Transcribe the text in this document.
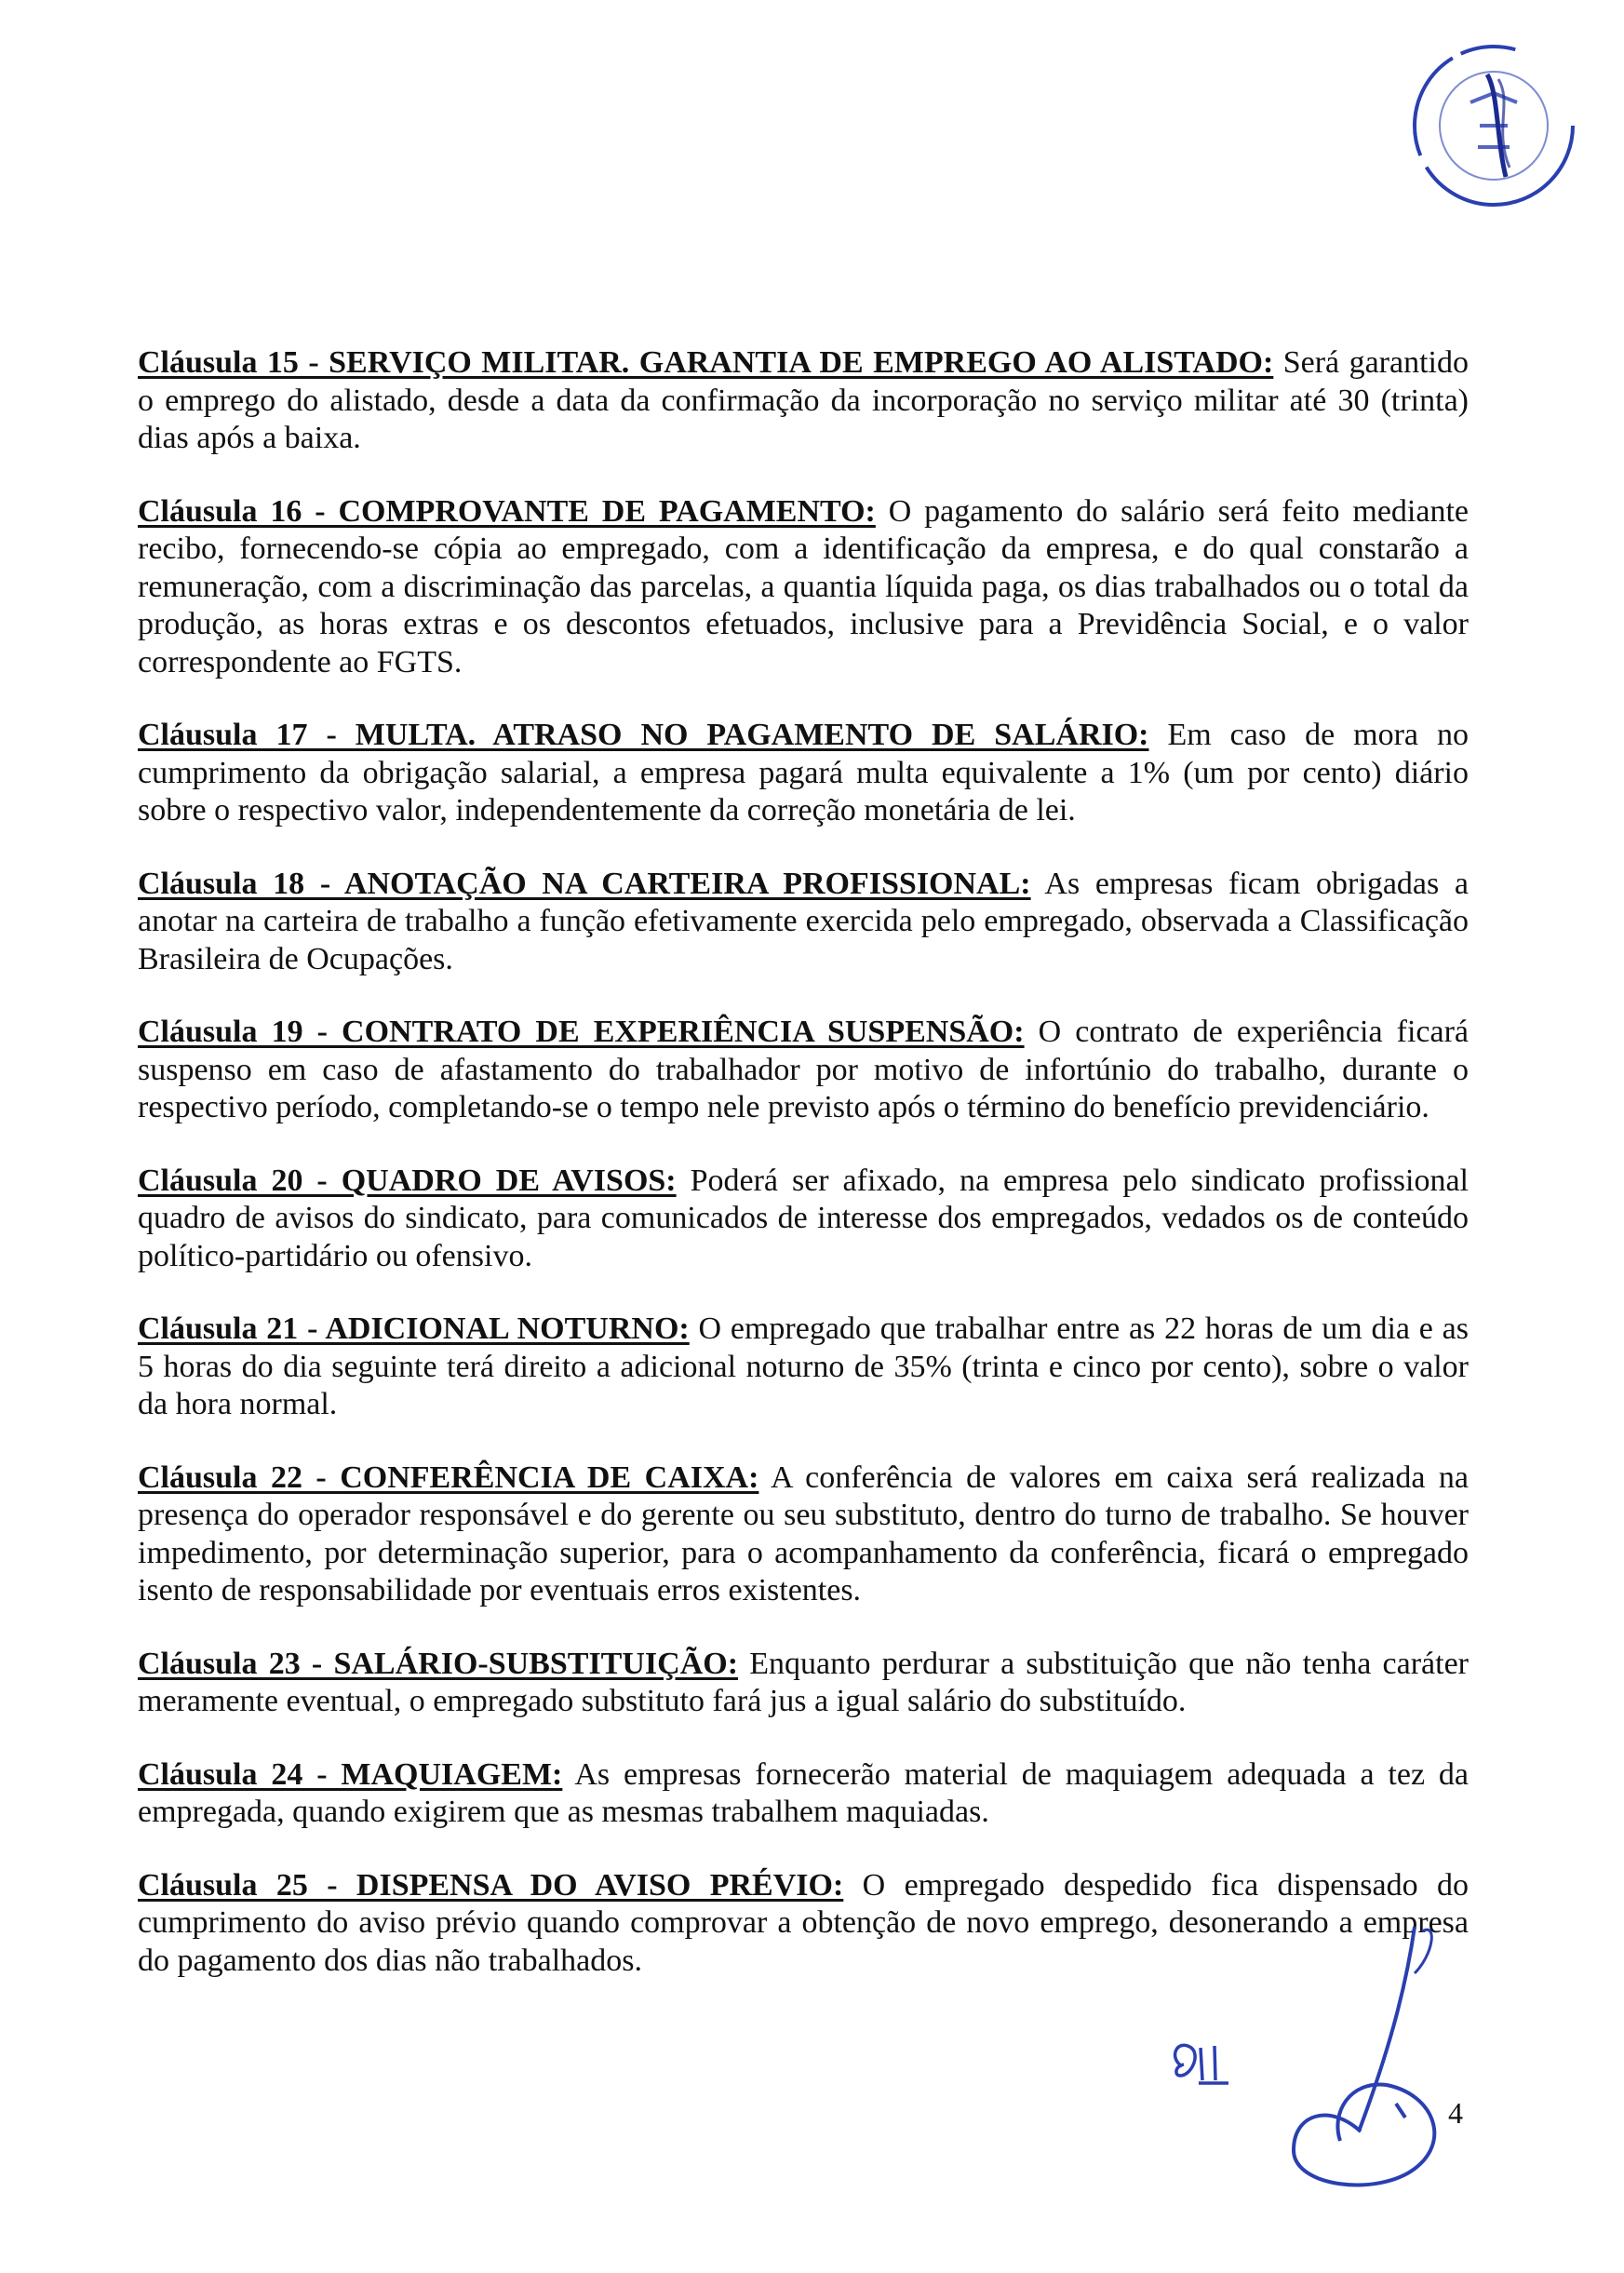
Cláusula 15 - SERVIÇO MILITAR. GARANTIA DE EMPREGO AO ALISTADO: Será garantido o emprego do alistado, desde a data da confirmação da incorporação no serviço militar até 30 (trinta) dias após a baixa.

Cláusula 16 - COMPROVANTE DE PAGAMENTO: O pagamento do salário será feito mediante recibo, fornecendo-se cópia ao empregado, com a identificação da empresa, e do qual constarão a remuneração, com a discriminação das parcelas, a quantia líquida paga, os dias trabalhados ou o total da produção, as horas extras e os descontos efetuados, inclusive para a Previdência Social, e o valor correspondente ao FGTS.

Cláusula 17 - MULTA. ATRASO NO PAGAMENTO DE SALÁRIO: Em caso de mora no cumprimento da obrigação salarial, a empresa pagará multa equivalente a 1% (um por cento) diário sobre o respectivo valor, independentemente da correção monetária de lei.

Cláusula 18 - ANOTAÇÃO NA CARTEIRA PROFISSIONAL: As empresas ficam obrigadas a anotar na carteira de trabalho a função efetivamente exercida pelo empregado, observada a Classificação Brasileira de Ocupações.

Cláusula 19 - CONTRATO DE EXPERIÊNCIA SUSPENSÃO: O contrato de experiência ficará suspenso em caso de afastamento do trabalhador por motivo de infortúnio do trabalho, durante o respectivo período, completando-se o tempo nele previsto após o término do benefício previdenciário.

Cláusula 20 - QUADRO DE AVISOS: Poderá ser afixado, na empresa pelo sindicato profissional quadro de avisos do sindicato, para comunicados de interesse dos empregados, vedados os de conteúdo político-partidário ou ofensivo.

Cláusula 21 - ADICIONAL NOTURNO: O empregado que trabalhar entre as 22 horas de um dia e as 5 horas do dia seguinte terá direito a adicional noturno de 35% (trinta e cinco por cento), sobre o valor da hora normal.

Cláusula 22 - CONFERÊNCIA DE CAIXA: A conferência de valores em caixa será realizada na presença do operador responsável e do gerente ou seu substituto, dentro do turno de trabalho. Se houver impedimento, por determinação superior, para o acompanhamento da conferência, ficará o empregado isento de responsabilidade por eventuais erros existentes.

Cláusula 23 - SALÁRIO-SUBSTITUIÇÃO: Enquanto perdurar a substituição que não tenha caráter meramente eventual, o empregado substituto fará jus a igual salário do substituído.

Cláusula 24 - MAQUIAGEM: As empresas fornecerão material de maquiagem adequada a tez da empregada, quando exigirem que as mesmas trabalhem maquiadas.

Cláusula 25 - DISPENSA DO AVISO PRÉVIO: O empregado despedido fica dispensado do cumprimento do aviso prévio quando comprovar a obtenção de novo emprego, desonerando a empresa do pagamento dos dias não trabalhados.

4
